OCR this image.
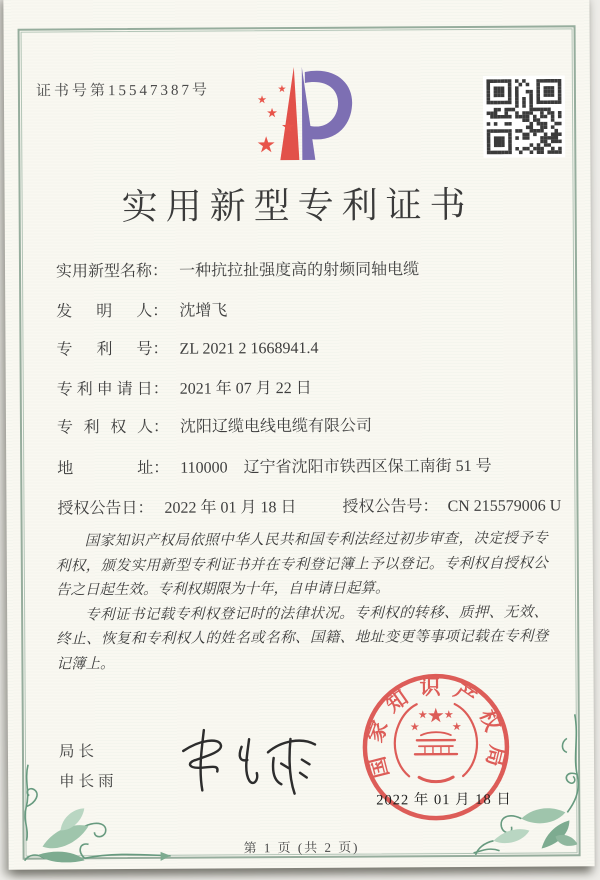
证书号第15547387号
★
★
★
★
★
实用新型专利证书
实用新型名称： 一种抗拉扯强度高的射频同轴电缆
发明人： 沈增飞
专利号： ZL 2021 2 1668941.4
专利申请日： 2021 年 07 月 22 日
专利权人： 沈阳辽缆电线电缆有限公司
地址： 110000　辽宁省沈阳市铁西区保工南街 51 号
授权公告日： 2022 年 01 月 18 日	授权公告号： CN 215579006 U

国家知识产权局依照中华人民共和国专利法经过初步审查，决定授予专利权，颁发实用新型专利证书并在专利登记簿上予以登记。专利权自授权公告之日起生效。专利权期限为十年，自申请日起算。

专利证书记载专利权登记时的法律状况。专利权的转移、质押、无效、终止、恢复和专利权人的姓名或名称、国籍、地址变更等事项记载在专利登记簿上。

局长
申长雨
国家知识产权局
★
★
★ ★
★
2022 年 01 月 18 日
第 1 页 (共 2 页)
